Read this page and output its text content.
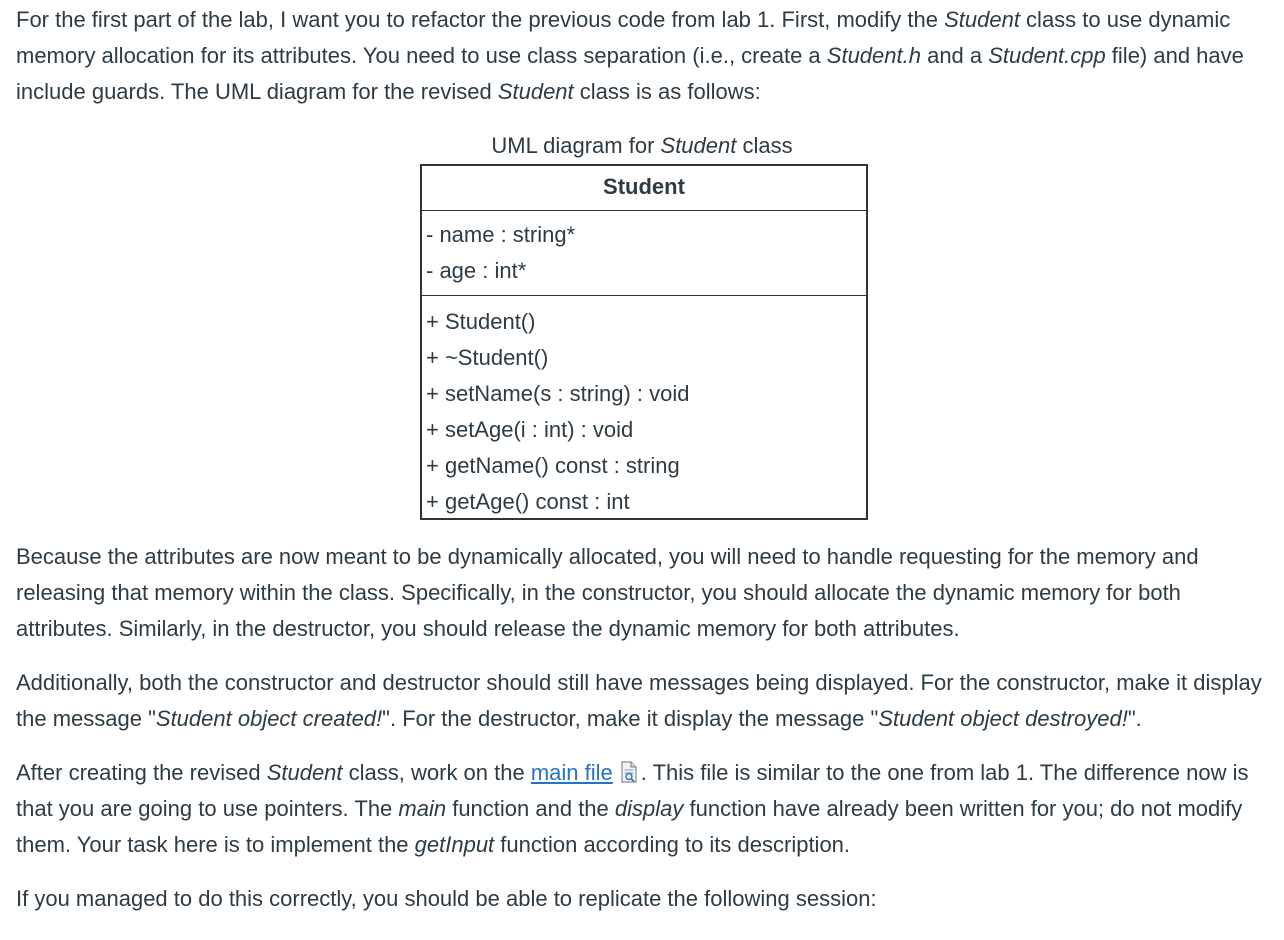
For the first part of the lab, I want you to refactor the previous code from lab 1. First, modify the Student class to use dynamic memory allocation for its attributes. You need to use class separation (i.e., create a Student.h and a Student.cpp file) and have include guards. The UML diagram for the revised Student class is as follows:

UML diagram for Student class

Student
- name : string*
- age : int*
+ Student()
+ ~Student()
+ setName(s : string) : void
+ setAge(i : int) : void
+ getName() const : string
+ getAge() const : int

Because the attributes are now meant to be dynamically allocated, you will need to handle requesting for the memory and releasing that memory within the class. Specifically, in the constructor, you should allocate the dynamic memory for both attributes. Similarly, in the destructor, you should release the dynamic memory for both attributes.

Additionally, both the constructor and destructor should still have messages being displayed. For the constructor, make it display the message "Student object created!". For the destructor, make it display the message "Student object destroyed!".

After creating the revised Student class, work on the main file . This file is similar to the one from lab 1. The difference now is that you are going to use pointers. The main function and the display function have already been written for you; do not modify them. Your task here is to implement the getInput function according to its description.

If you managed to do this correctly, you should be able to replicate the following session:
